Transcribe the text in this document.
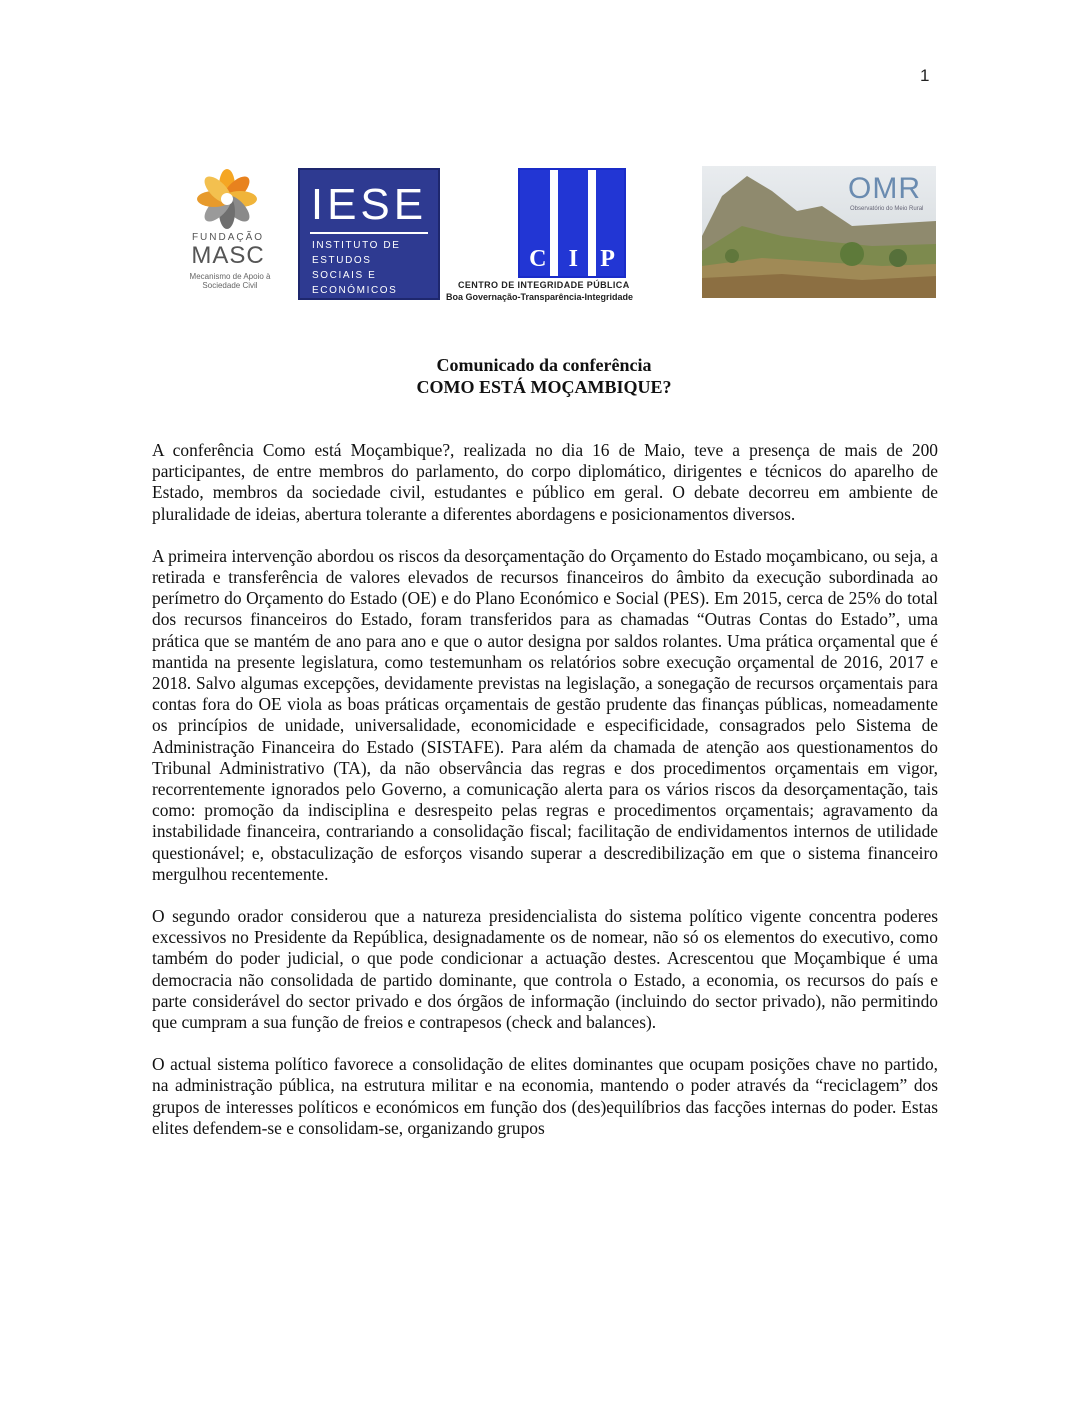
1
FUNDAÇÃO
MASC
Mecanismo de Apoio à Sociedade Civil
IESE
INSTITUTO DE
ESTUDOS
SOCIAIS E
ECONÓMICOS
C I P
CENTRO DE INTEGRIDADE PÚBLICA
Boa Governação-Transparência-Integridade
OMR
Observatório do Meio Rural
Comunicado da conferência
COMO ESTÁ MOÇAMBIQUE?

A conferência Como está Moçambique?, realizada no dia 16 de Maio, teve a presença de mais de 200 participantes, de entre membros do parlamento, do corpo diplomático, dirigentes e técnicos do aparelho de Estado, membros da sociedade civil, estudantes e público em geral. O debate decorreu em ambiente de pluralidade de ideias, abertura tolerante a diferentes abordagens e posicionamentos diversos.

A primeira intervenção abordou os riscos da desorçamentação do Orçamento do Estado moçambicano, ou seja, a retirada e transferência de valores elevados de recursos financeiros do âmbito da execução subordinada ao perímetro do Orçamento do Estado (OE) e do Plano Económico e Social (PES). Em 2015, cerca de 25% do total dos recursos financeiros do Estado, foram transferidos para as chamadas “Outras Contas do Estado”, uma prática que se mantém de ano para ano e que o autor designa por saldos rolantes. Uma prática orçamental que é mantida na presente legislatura, como testemunham os relatórios sobre execução orçamental de 2016, 2017 e 2018. Salvo algumas excepções, devidamente previstas na legislação, a sonegação de recursos orçamentais para contas fora do OE viola as boas práticas orçamentais de gestão prudente das finanças públicas, nomeadamente os princípios de unidade, universalidade, economicidade e especificidade, consagrados pelo Sistema de Administração Financeira do Estado (SISTAFE). Para além da chamada de atenção aos questionamentos do Tribunal Administrativo (TA), da não observância das regras e dos procedimentos orçamentais em vigor, recorrentemente ignorados pelo Governo, a comunicação alerta para os vários riscos da desorçamentação, tais como: promoção da indisciplina e desrespeito pelas regras e procedimentos orçamentais; agravamento da instabilidade financeira, contrariando a consolidação fiscal; facilitação de endividamentos internos de utilidade questionável; e, obstaculização de esforços visando superar a descredibilização em que o sistema financeiro mergulhou recentemente.

O segundo orador considerou que a natureza presidencialista do sistema político vigente concentra poderes excessivos no Presidente da República, designadamente os de nomear, não só os elementos do executivo, como também do poder judicial, o que pode condicionar a actuação destes. Acrescentou que Moçambique é uma democracia não consolidada de partido dominante, que controla o Estado, a economia, os recursos do país e parte considerável do sector privado e dos órgãos de informação (incluindo do sector privado), não permitindo que cumpram a sua função de freios e contrapesos (check and balances).

O actual sistema político favorece a consolidação de elites dominantes que ocupam posições chave no partido, na administração pública, na estrutura militar e na economia, mantendo o poder através da “reciclagem” dos grupos de interesses políticos e económicos em função dos (des)equilíbrios das facções internas do poder. Estas elites defendem-se e consolidam-se, organizando grupos
